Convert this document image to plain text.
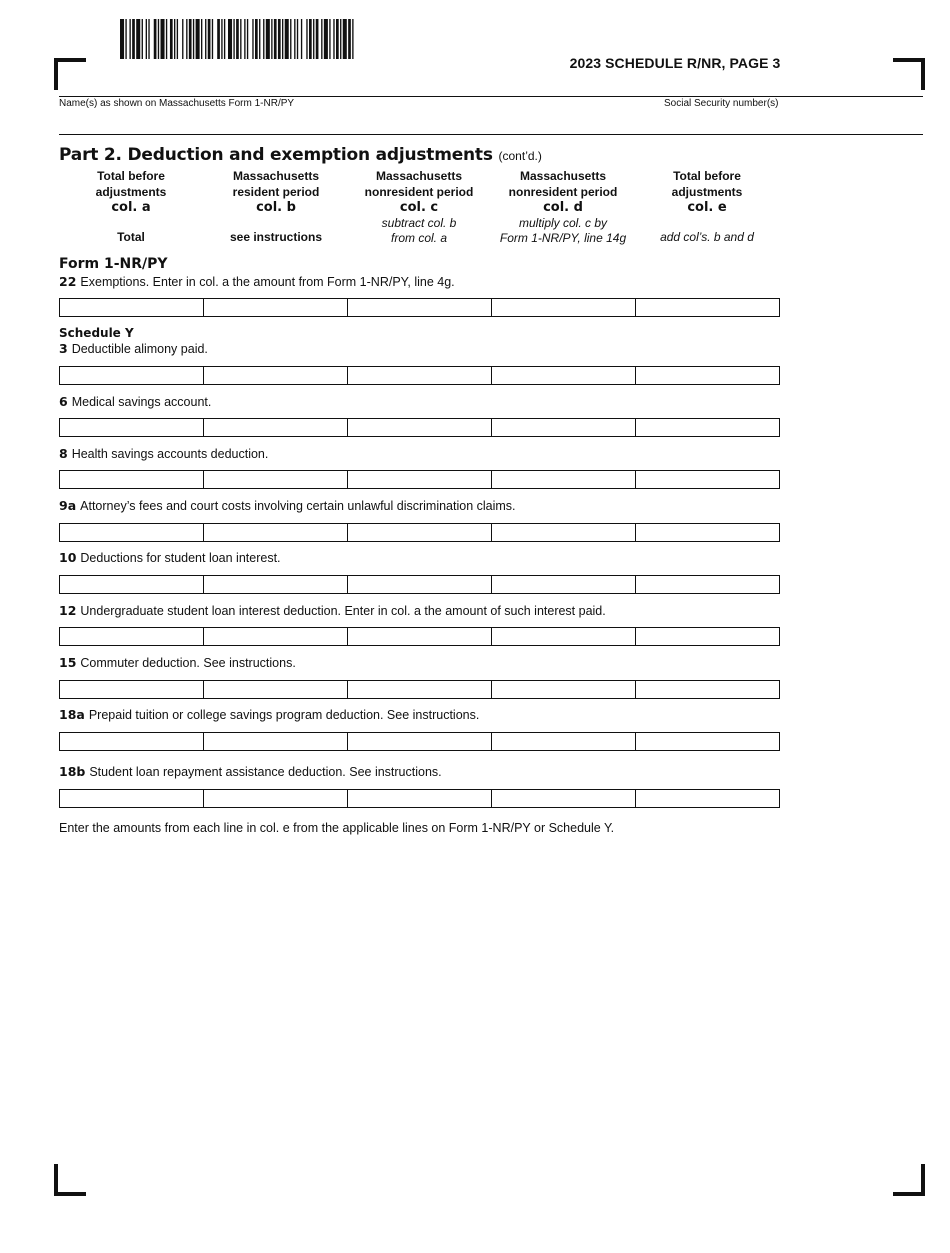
2023 SCHEDULE R/NR, PAGE 3
Name(s) as shown on Massachusetts Form 1-NR/PY	Social Security number(s)
Part 2. Deduction and exemption adjustments (cont’d.)
Total before
adjustments
col. a
Total
Massachusetts
resident period
col. b
see instructions
Massachusetts
nonresident period
col. c
subtract col. b
from col. a
Massachusetts
nonresident period
col. d
multiply col. c by
Form 1-NR/PY, line 14g
Total before
adjustments
col. e
add col’s. b and d
Form 1-NR/PY
22 Exemptions. Enter in col. a the amount from Form 1-NR/PY, line 4g.
Schedule Y
3 Deductible alimony paid.
6 Medical savings account.
8 Health savings accounts deduction.
9a Attorney’s fees and court costs involving certain unlawful discrimination claims.
10 Deductions for student loan interest.
12 Undergraduate student loan interest deduction. Enter in col. a the amount of such interest paid.
15 Commuter deduction. See instructions.
18a Prepaid tuition or college savings program deduction. See instructions.
18b Student loan repayment assistance deduction. See instructions.
Enter the amounts from each line in col. e from the applicable lines on Form 1-NR/PY or Schedule Y.
